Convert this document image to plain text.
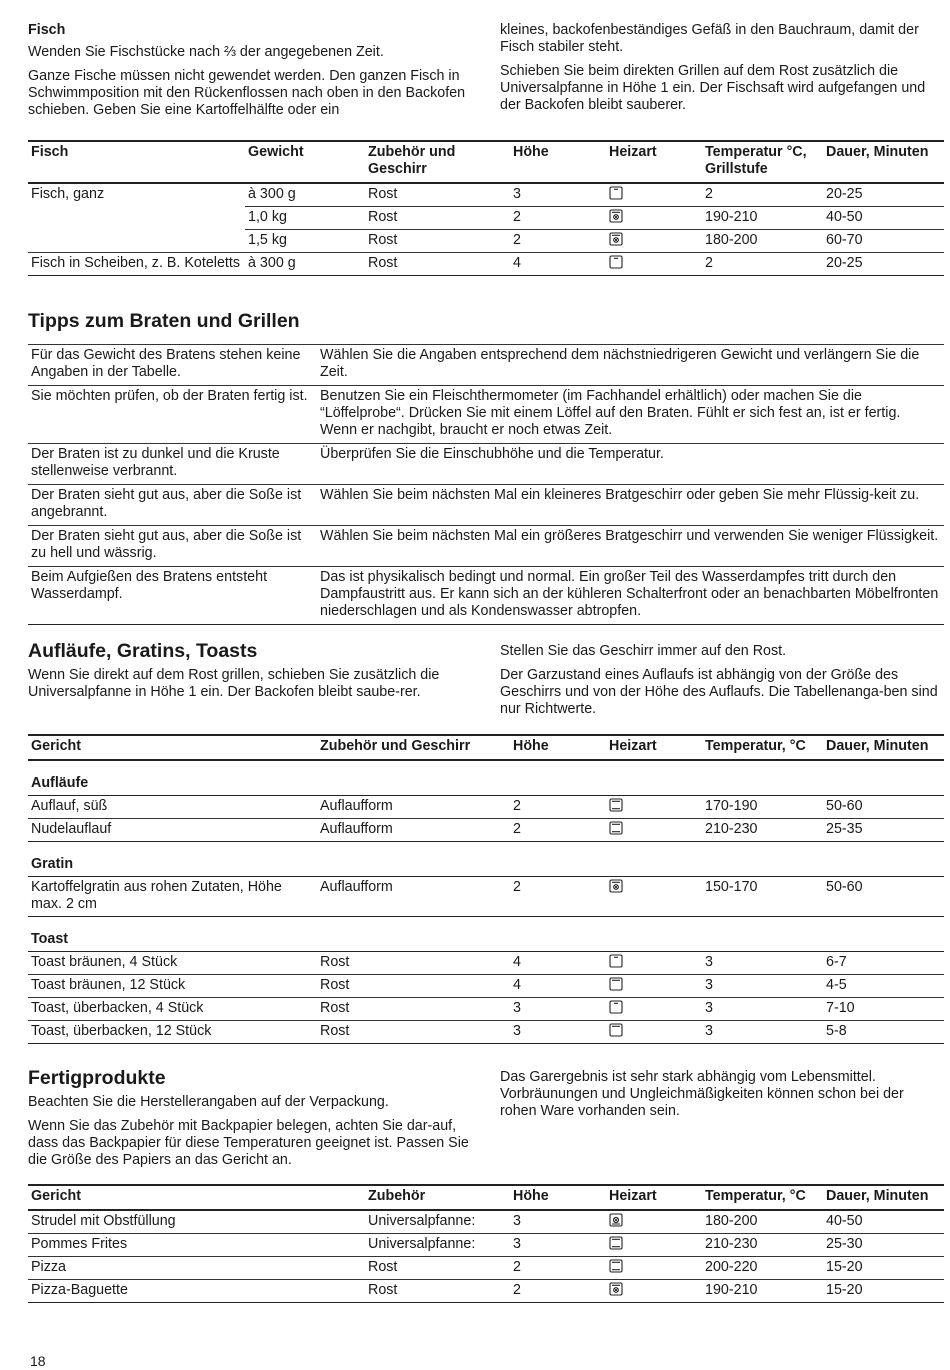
Fisch

Wenden Sie Fischstücke nach ⅔ der angegebenen Zeit.

Ganze Fische müssen nicht gewendet werden. Den ganzen Fisch in Schwimmposition mit den Rückenflossen nach oben in den Backofen schieben. Geben Sie eine Kartoffelhälfte oder ein

kleines, backofenbeständiges Gefäß in den Bauchraum, damit der Fisch stabiler steht.

Schieben Sie beim direkten Grillen auf dem Rost zusätzlich die Universalpfanne in Höhe 1 ein. Der Fischsaft wird aufgefangen und der Backofen bleibt sauberer.

Fisch	Gewicht	Zubehör und Geschirr	Höhe	Heizart	Temperatur °C, Grillstufe	Dauer, Minuten
Fisch, ganz	à 300 g	Rost	3		2	20-25
	1,0 kg	Rost	2		190-210	40-50
	1,5 kg	Rost	2		180-200	60-70
Fisch in Scheiben, z. B. Koteletts	à 300 g	Rost	4		2	20-25
Tipps zum Braten und Grillen
Für das Gewicht des Bratens stehen keine Angaben in der Tabelle.	Wählen Sie die Angaben entsprechend dem nächstniedrigeren Gewicht und verlängern Sie die Zeit.
Sie möchten prüfen, ob der Braten fertig ist.	Benutzen Sie ein Fleischthermometer (im Fachhandel erhältlich) oder machen Sie die “Löffelprobe“. Drücken Sie mit einem Löffel auf den Braten. Fühlt er sich fest an, ist er fertig. Wenn er nachgibt, braucht er noch etwas Zeit.
Der Braten ist zu dunkel und die Kruste stellenweise verbrannt.	Überprüfen Sie die Einschubhöhe und die Temperatur.
Der Braten sieht gut aus, aber die Soße ist angebrannt.	Wählen Sie beim nächsten Mal ein kleineres Bratgeschirr oder geben Sie mehr Flüssig-keit zu.
Der Braten sieht gut aus, aber die Soße ist zu hell und wässrig.	Wählen Sie beim nächsten Mal ein größeres Bratgeschirr und verwenden Sie weniger Flüssigkeit.
Beim Aufgießen des Bratens entsteht Wasserdampf.	Das ist physikalisch bedingt und normal. Ein großer Teil des Wasserdampfes tritt durch den Dampfaustritt aus. Er kann sich an der kühleren Schalterfront oder an benachbarten Möbelfronten niederschlagen und als Kondenswasser abtropfen.
Aufläufe, Gratins, Toasts

Wenn Sie direkt auf dem Rost grillen, schieben Sie zusätzlich die Universalpfanne in Höhe 1 ein. Der Backofen bleibt saube-rer.

Stellen Sie das Geschirr immer auf den Rost.

Der Garzustand eines Auflaufs ist abhängig von der Größe des Geschirrs und von der Höhe des Auflaufs. Die Tabellenanga-ben sind nur Richtwerte.

Gericht	Zubehör und Geschirr	Höhe	Heizart	Temperatur, °C	Dauer, Minuten
Aufläufe					
Auflauf, süß	Auflaufform	2		170-190	50-60
Nudelauflauf	Auflaufform	2		210-230	25-35
Gratin					
Kartoffelgratin aus rohen Zutaten, Höhe max. 2 cm	Auflaufform	2		150-170	50-60
Toast					
Toast bräunen, 4 Stück	Rost	4		3	6-7
Toast bräunen, 12 Stück	Rost	4		3	4-5
Toast, überbacken, 4 Stück	Rost	3		3	7-10
Toast, überbacken, 12 Stück	Rost	3		3	5-8
Fertigprodukte

Beachten Sie die Herstellerangaben auf der Verpackung.

Wenn Sie das Zubehör mit Backpapier belegen, achten Sie dar-auf, dass das Backpapier für diese Temperaturen geeignet ist. Passen Sie die Größe des Papiers an das Gericht an.

Das Garergebnis ist sehr stark abhängig vom Lebensmittel. Vorbräunungen und Ungleichmäßigkeiten können schon bei der rohen Ware vorhanden sein.

Gericht	Zubehör	Höhe	Heizart	Temperatur, °C	Dauer, Minuten
Strudel mit Obstfüllung	Universalpfanne:	3		180-200	40-50
Pommes Frites	Universalpfanne:	3		210-230	25-30
Pizza	Rost	2		200-220	15-20
Pizza-Baguette	Rost	2		190-210	15-20
18
